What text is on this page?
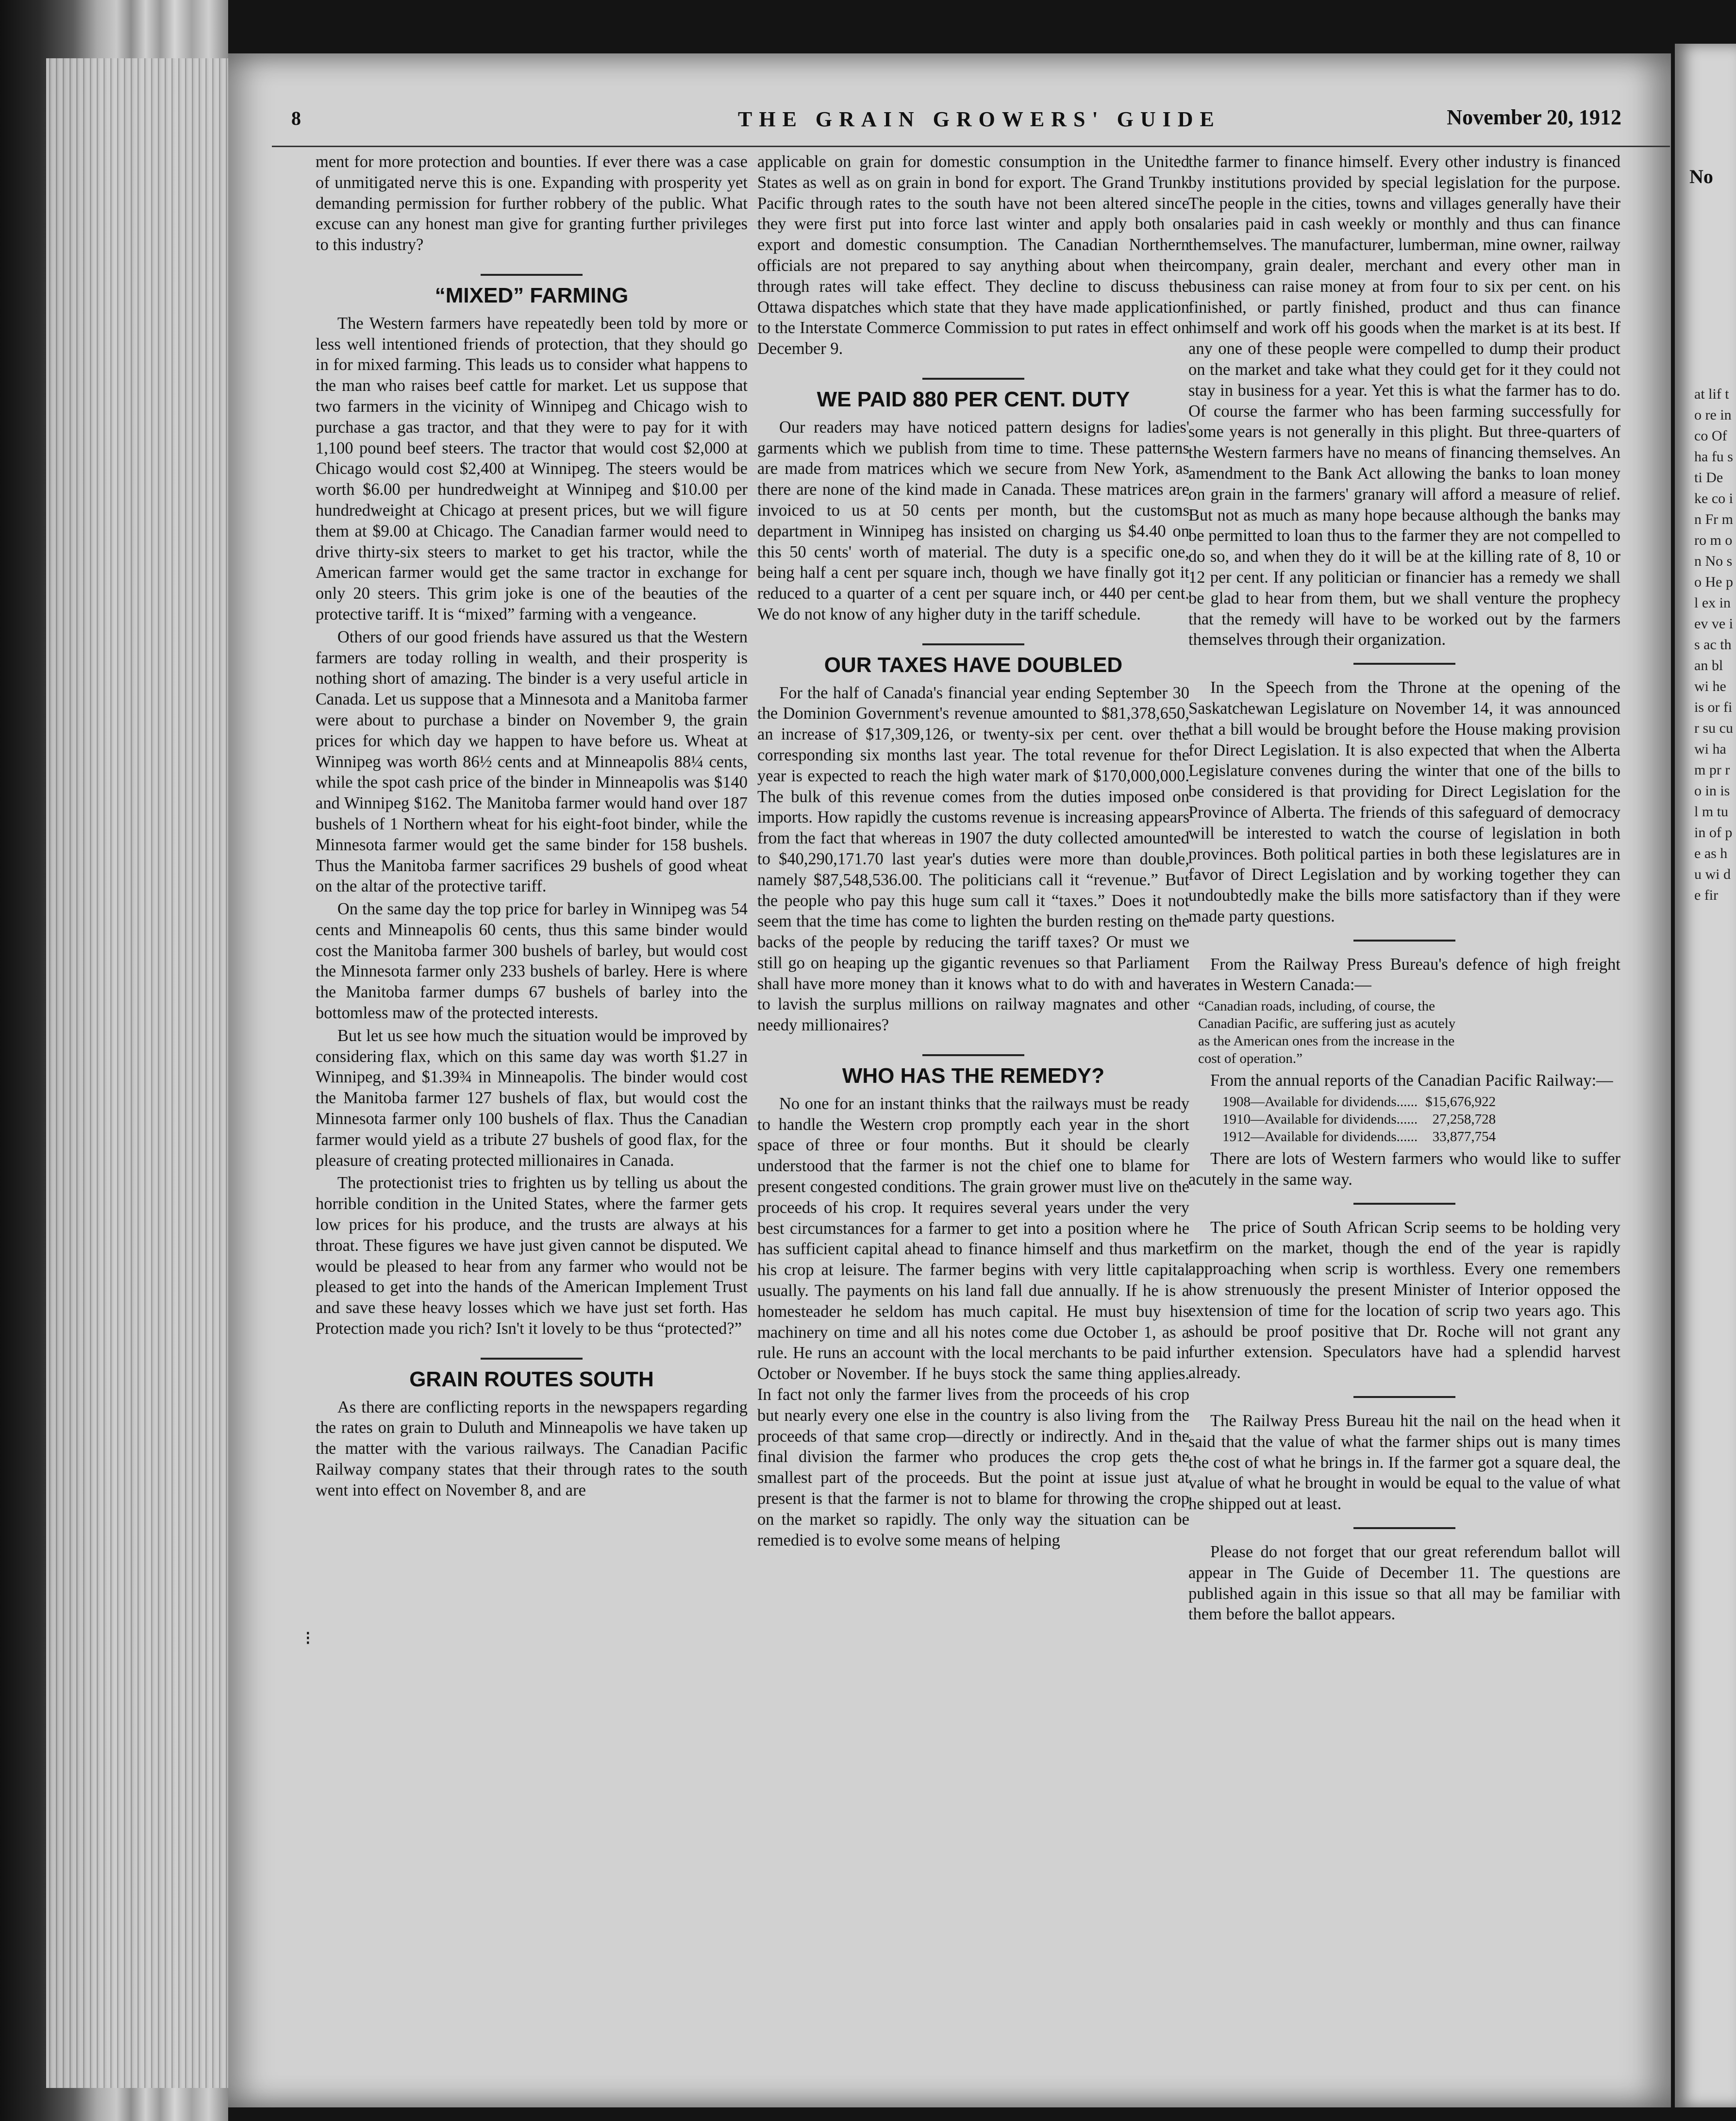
No
at lif to re in co Of ha fu sti De ke co in Fr m ro m on No so He pl ex in ev ve is ac th an bl wi he is or fir su cu wi ha m pr ro in isl m tu in of pe as hu wi de fir
8	THE GRAIN GROWERS' GUIDE	November 20, 1912
⁝

ment for more protection and bounties. If ever there was a case of unmitigated nerve this is one. Expanding with prosperity yet demanding permission for further robbery of the public. What excuse can any honest man give for granting further privileges to this industry?

“MIXED” FARMING

The Western farmers have repeatedly been told by more or less well intentioned friends of protection, that they should go in for mixed farming. This leads us to consider what happens to the man who raises beef cattle for market. Let us suppose that two farmers in the vicinity of Winnipeg and Chicago wish to purchase a gas tractor, and that they were to pay for it with 1,100 pound beef steers. The tractor that would cost $2,000 at Chicago would cost $2,400 at Winnipeg. The steers would be worth $6.00 per hundredweight at Winnipeg and $10.00 per hundredweight at Chicago at present prices, but we will figure them at $9.00 at Chicago. The Canadian farmer would need to drive thirty-six steers to market to get his tractor, while the American farmer would get the same tractor in exchange for only 20 steers. This grim joke is one of the beauties of the protective tariff. It is “mixed” farming with a vengeance.

Others of our good friends have assured us that the Western farmers are today rolling in wealth, and their prosperity is nothing short of amazing. The binder is a very useful article in Canada. Let us suppose that a Minnesota and a Manitoba farmer were about to purchase a binder on November 9, the grain prices for which day we happen to have before us. Wheat at Winnipeg was worth 86½ cents and at Minneapolis 88¼ cents, while the spot cash price of the binder in Minneapolis was $140 and Winnipeg $162. The Manitoba farmer would hand over 187 bushels of 1 Northern wheat for his eight-foot binder, while the Minnesota farmer would get the same binder for 158 bushels. Thus the Manitoba farmer sacrifices 29 bushels of good wheat on the altar of the protective tariff.

On the same day the top price for barley in Winnipeg was 54 cents and Minneapolis 60 cents, thus this same binder would cost the Manitoba farmer 300 bushels of barley, but would cost the Minnesota farmer only 233 bushels of barley. Here is where the Manitoba farmer dumps 67 bushels of barley into the bottomless maw of the protected interests.

But let us see how much the situation would be improved by considering flax, which on this same day was worth $1.27 in Winnipeg, and $1.39¾ in Minneapolis. The binder would cost the Manitoba farmer 127 bushels of flax, but would cost the Minnesota farmer only 100 bushels of flax. Thus the Canadian farmer would yield as a tribute 27 bushels of good flax, for the pleasure of creating protected millionaires in Canada.

The protectionist tries to frighten us by telling us about the horrible condition in the United States, where the farmer gets low prices for his produce, and the trusts are always at his throat. These figures we have just given cannot be disputed. We would be pleased to hear from any farmer who would not be pleased to get into the hands of the American Implement Trust and save these heavy losses which we have just set forth. Has Protection made you rich? Isn't it lovely to be thus “protected?”

GRAIN ROUTES SOUTH

As there are conflicting reports in the newspapers regarding the rates on grain to Duluth and Minneapolis we have taken up the matter with the various railways. The Canadian Pacific Railway company states that their through rates to the south went into effect on November 8, and are

applicable on grain for domestic consumption in the United States as well as on grain in bond for export. The Grand Trunk Pacific through rates to the south have not been altered since they were first put into force last winter and apply both on export and domestic consumption. The Canadian Northern officials are not prepared to say anything about when their through rates will take effect. They decline to discuss the Ottawa dispatches which state that they have made application to the Interstate Commerce Commission to put rates in effect on December 9.

WE PAID 880 PER CENT. DUTY

Our readers may have noticed pattern designs for ladies' garments which we publish from time to time. These patterns are made from matrices which we secure from New York, as there are none of the kind made in Canada. These matrices are invoiced to us at 50 cents per month, but the customs department in Winnipeg has insisted on charging us $4.40 on this 50 cents' worth of material. The duty is a specific one, being half a cent per square inch, though we have finally got it reduced to a quarter of a cent per square inch, or 440 per cent. We do not know of any higher duty in the tariff schedule.

OUR TAXES HAVE DOUBLED

For the half of Canada's financial year ending September 30 the Dominion Government's revenue amounted to $81,378,650, an increase of $17,309,126, or twenty-six per cent. over the corresponding six months last year. The total revenue for the year is expected to reach the high water mark of $170,000,000. The bulk of this revenue comes from the duties imposed on imports. How rapidly the customs revenue is increasing appears from the fact that whereas in 1907 the duty collected amounted to $40,290,171.70 last year's duties were more than double, namely $87,548,536.00. The politicians call it “revenue.” But the people who pay this huge sum call it “taxes.” Does it not seem that the time has come to lighten the burden resting on the backs of the people by reducing the tariff taxes? Or must we still go on heaping up the gigantic revenues so that Parliament shall have more money than it knows what to do with and have to lavish the surplus millions on railway magnates and other needy millionaires?

WHO HAS THE REMEDY?

No one for an instant thinks that the railways must be ready to handle the Western crop promptly each year in the short space of three or four months. But it should be clearly understood that the farmer is not the chief one to blame for present congested conditions. The grain grower must live on the proceeds of his crop. It requires several years under the very best circumstances for a farmer to get into a position where he has sufficient capital ahead to finance himself and thus market his crop at leisure. The farmer begins with very little capital usually. The payments on his land fall due annually. If he is a homesteader he seldom has much capital. He must buy his machinery on time and all his notes come due October 1, as a rule. He runs an account with the local merchants to be paid in October or November. If he buys stock the same thing applies. In fact not only the farmer lives from the proceeds of his crop but nearly every one else in the country is also living from the proceeds of that same crop—directly or indirectly. And in the final division the farmer who produces the crop gets the smallest part of the proceeds. But the point at issue just at present is that the farmer is not to blame for throwing the crop on the market so rapidly. The only way the situation can be remedied is to evolve some means of helping

the farmer to finance himself. Every other industry is financed by institutions provided by special legislation for the purpose. The people in the cities, towns and villages generally have their salaries paid in cash weekly or monthly and thus can finance themselves. The manufacturer, lumberman, mine owner, railway company, grain dealer, merchant and every other man in business can raise money at from four to six per cent. on his finished, or partly finished, product and thus can finance himself and work off his goods when the market is at its best. If any one of these people were compelled to dump their product on the market and take what they could get for it they could not stay in business for a year. Yet this is what the farmer has to do. Of course the farmer who has been farming successfully for some years is not generally in this plight. But three-quarters of the Western farmers have no means of financing themselves. An amendment to the Bank Act allowing the banks to loan money on grain in the farmers' granary will afford a measure of relief. But not as much as many hope because although the banks may be permitted to loan thus to the farmer they are not compelled to do so, and when they do it will be at the killing rate of 8, 10 or 12 per cent. If any politician or financier has a remedy we shall be glad to hear from them, but we shall venture the prophecy that the remedy will have to be worked out by the farmers themselves through their organization.

In the Speech from the Throne at the opening of the Saskatchewan Legislature on November 14, it was announced that a bill would be brought before the House making provision for Direct Legislation. It is also expected that when the Alberta Legislature convenes during the winter that one of the bills to be considered is that providing for Direct Legislation for the Province of Alberta. The friends of this safeguard of democracy will be interested to watch the course of legislation in both provinces. Both political parties in both these legislatures are in favor of Direct Legislation and by working together they can undoubtedly make the bills more satisfactory than if they were made party questions.

From the Railway Press Bureau's defence of high freight rates in Western Canada:—

“Canadian roads, including, of course, the
Canadian Pacific, are suffering just as acutely
as the American ones from the increase in the
cost of operation.”

From the annual reports of the Canadian Pacific Railway:—

1908—Available for dividends......	$15,676,922
1910—Available for dividends......	27,258,728
1912—Available for dividends......	33,877,754

There are lots of Western farmers who would like to suffer acutely in the same way.

The price of South African Scrip seems to be holding very firm on the market, though the end of the year is rapidly approaching when scrip is worthless. Every one remembers how strenuously the present Minister of Interior opposed the extension of time for the location of scrip two years ago. This should be proof positive that Dr. Roche will not grant any further extension. Speculators have had a splendid harvest already.

The Railway Press Bureau hit the nail on the head when it said that the value of what the farmer ships out is many times the cost of what he brings in. If the farmer got a square deal, the value of what he brought in would be equal to the value of what he shipped out at least.

Please do not forget that our great referendum ballot will appear in The Guide of December 11. The questions are published again in this issue so that all may be familiar with them before the ballot appears.
